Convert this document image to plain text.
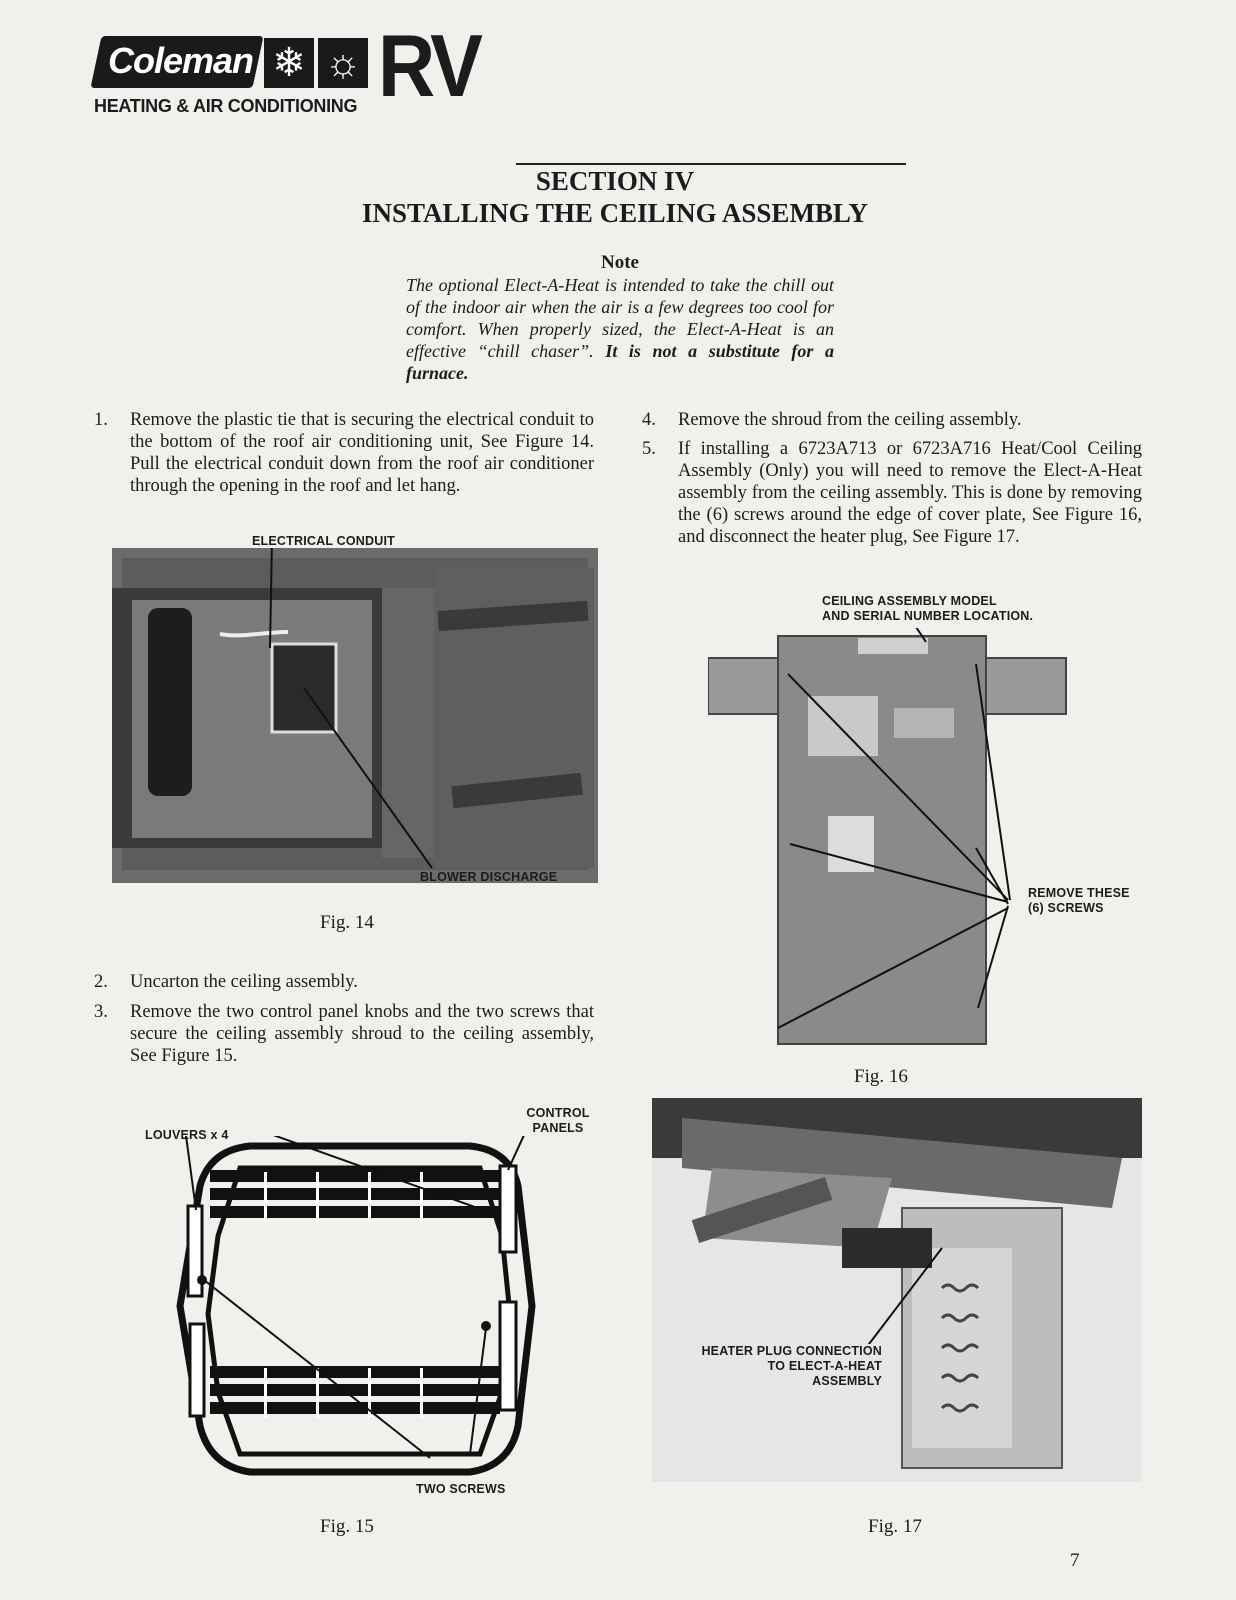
Coleman ❄ ☼ RV
HEATING & AIR CONDITIONING
SECTION IV
INSTALLING THE CEILING ASSEMBLY
Note
The optional Elect-A-Heat is intended to take the chill out of the indoor air when the air is a few degrees too cool for comfort. When properly sized, the Elect-A-Heat is an effective “chill chaser”. It is not a substitute for a furnace.
1. Remove the plastic tie that is securing the electrical conduit to the bottom of the roof air conditioning unit, See Figure 14. Pull the electrical conduit down from the roof air conditioner through the opening in the roof and let hang.
ELECTRICAL CONDUIT
BLOWER DISCHARGE
Fig. 14
2. Uncarton the ceiling assembly.
3. Remove the two control panel knobs and the two screws that secure the ceiling assembly shroud to the ceiling assembly, See Figure 15.
CONTROL
PANELS
LOUVERS x 4
TWO SCREWS
Fig. 15
4. Remove the shroud from the ceiling assembly.
5. If installing a 6723A713 or 6723A716 Heat/Cool Ceiling Assembly (Only) you will need to remove the Elect-A-Heat assembly from the ceiling assembly. This is done by removing the (6) screws around the edge of cover plate, See Figure 16, and disconnect the heater plug, See Figure 17.
CEILING ASSEMBLY MODEL
AND SERIAL NUMBER LOCATION.
REMOVE THESE
(6) SCREWS
Fig. 16
HEATER PLUG CONNECTION
TO ELECT-A-HEAT
ASSEMBLY
Fig. 17
7
